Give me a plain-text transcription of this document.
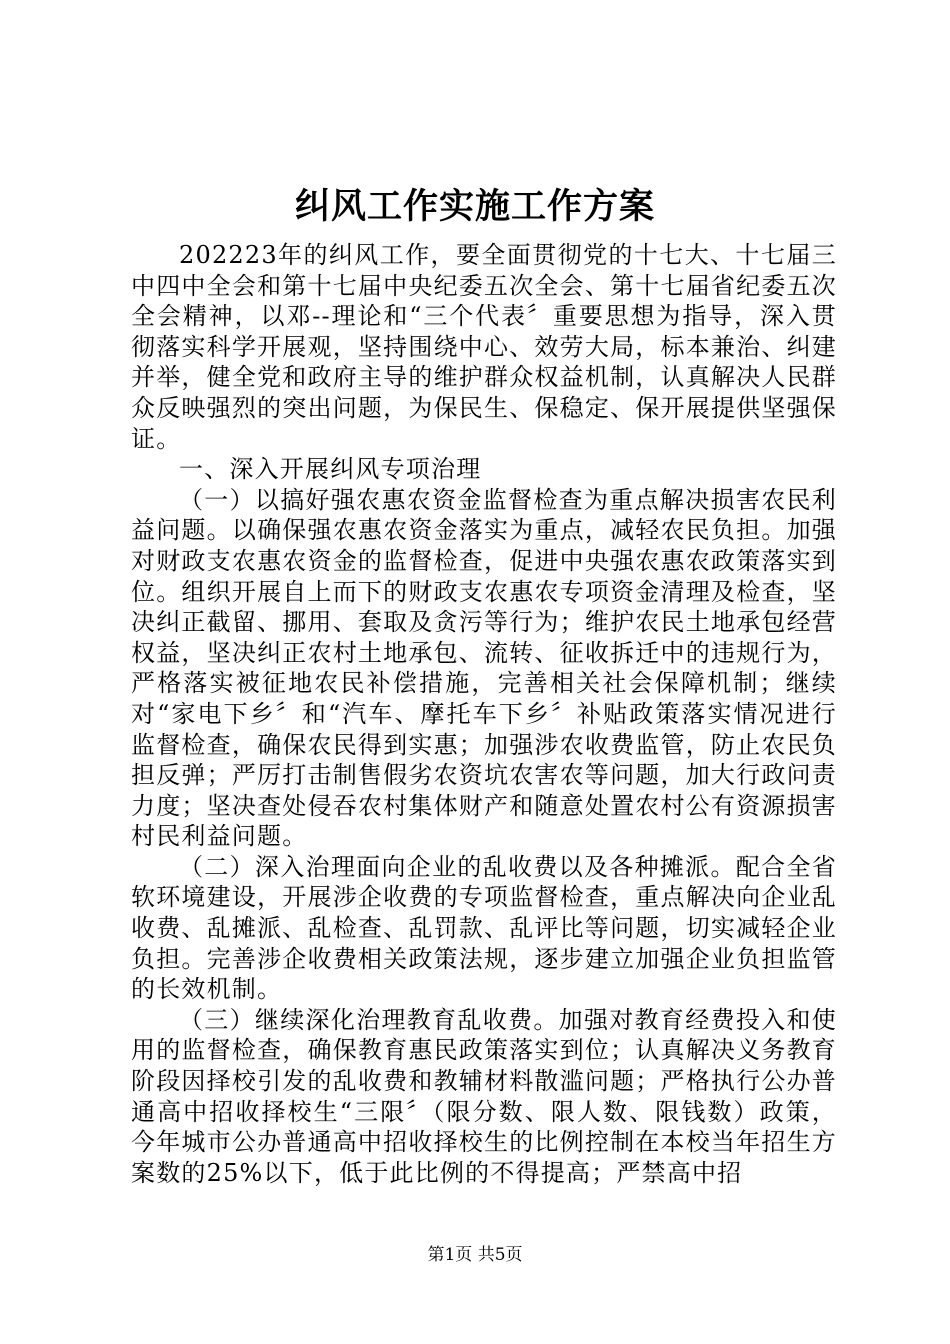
纠风工作实施工作方案

202223年的纠风工作，要全面贯彻党的十七大、十七届三中四中全会和第十七届中央纪委五次全会、第十七届省纪委五次全会精神，以邓--理论和“三个代表〞重要思想为指导，深入贯彻落实科学开展观，坚持围绕中心、效劳大局，标本兼治、纠建并举，健全党和政府主导的维护群众权益机制，认真解决人民群众反映强烈的突出问题，为保民生、保稳定、保开展提供坚强保证。

一、深入开展纠风专项治理

（一）以搞好强农惠农资金监督检查为重点解决损害农民利益问题。以确保强农惠农资金落实为重点，减轻农民负担。加强对财政支农惠农资金的监督检查，促进中央强农惠农政策落实到位。组织开展自上而下的财政支农惠农专项资金清理及检查，坚决纠正截留、挪用、套取及贪污等行为；维护农民土地承包经营权益，坚决纠正农村土地承包、流转、征收拆迁中的违规行为，严格落实被征地农民补偿措施，完善相关社会保障机制；继续对“家电下乡〞和“汽车、摩托车下乡〞补贴政策落实情况进行监督检查，确保农民得到实惠；加强涉农收费监管，防止农民负担反弹；严厉打击制售假劣农资坑农害农等问题，加大行政问责力度；坚决查处侵吞农村集体财产和随意处置农村公有资源损害村民利益问题。

（二）深入治理面向企业的乱收费以及各种摊派。配合全省软环境建设，开展涉企收费的专项监督检查，重点解决向企业乱收费、乱摊派、乱检查、乱罚款、乱评比等问题，切实减轻企业负担。完善涉企收费相关政策法规，逐步建立加强企业负担监管的长效机制。

（三）继续深化治理教育乱收费。加强对教育经费投入和使用的监督检查，确保教育惠民政策落实到位；认真解决义务教育阶段因择校引发的乱收费和教辅材料散滥问题；严格执行公办普通高中招收择校生“三限〞（限分数、限人数、限钱数）政策，今年城市公办普通高中招收择校生的比例控制在本校当年招生方案数的25%以下，低于此比例的不得提高；严禁高中招

第1页 共5页
